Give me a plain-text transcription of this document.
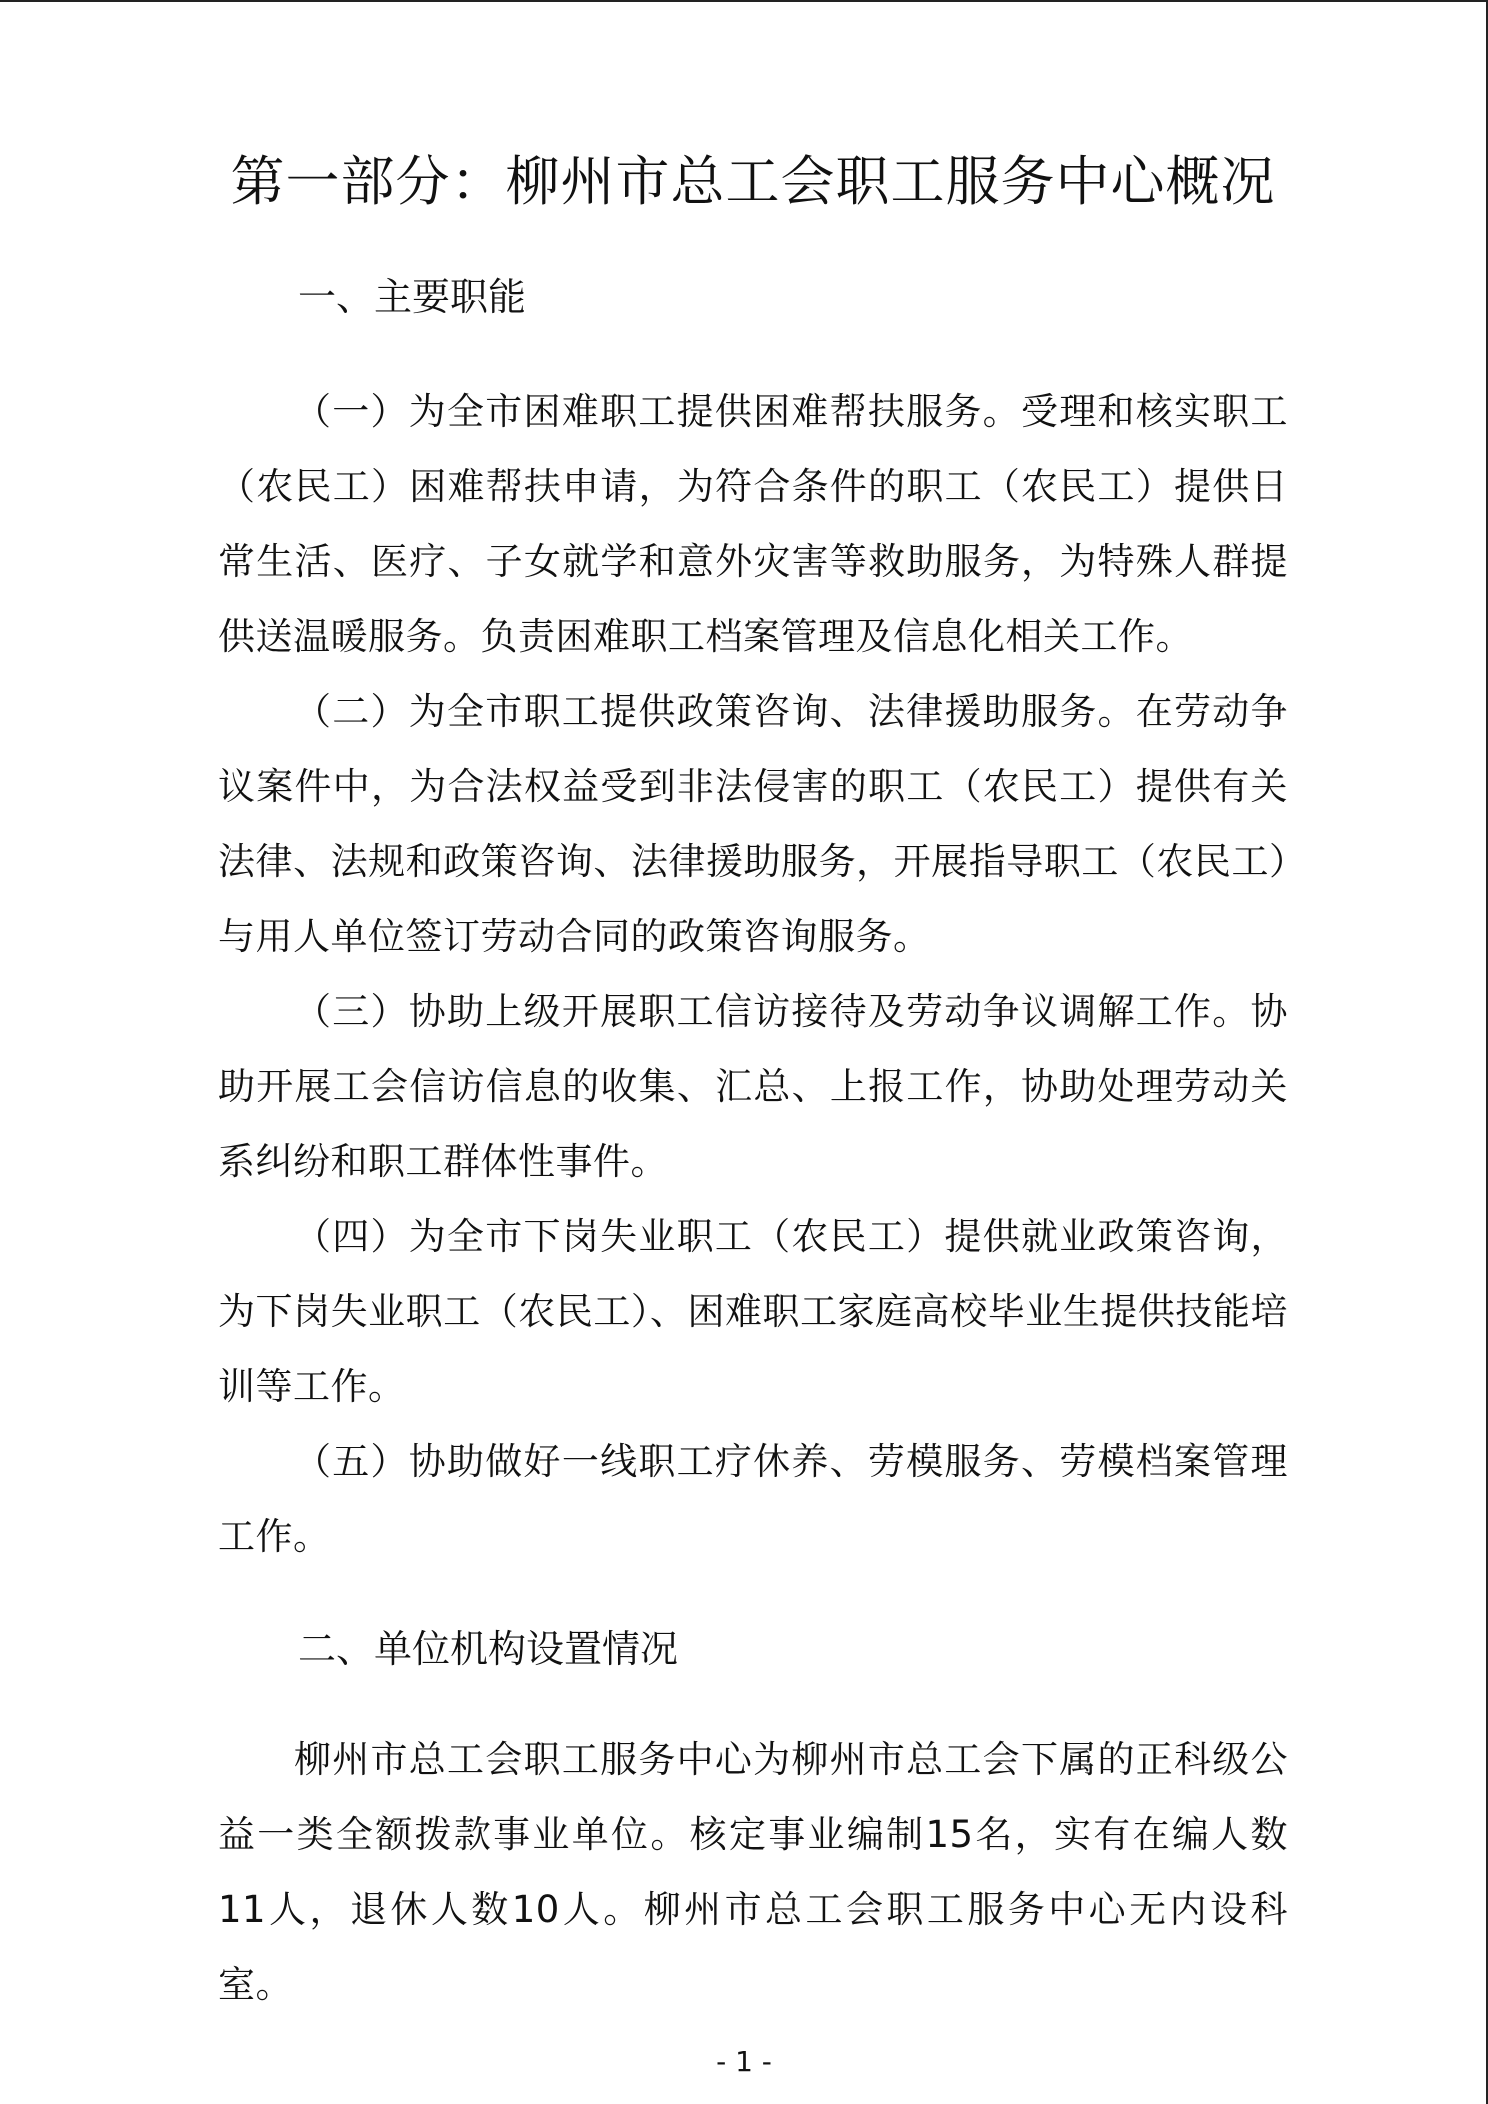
第一部分：柳州市总工会职工服务中心概况
一、主要职能

（一）为全市困难职工提供困难帮扶服务。受理和核实职工（农民工）困难帮扶申请，为符合条件的职工（农民工）提供日常生活、医疗、子女就学和意外灾害等救助服务，为特殊人群提供送温暖服务。负责困难职工档案管理及信息化相关工作。

（二）为全市职工提供政策咨询、法律援助服务。在劳动争议案件中，为合法权益受到非法侵害的职工（农民工）提供有关法律、法规和政策咨询、法律援助服务，开展指导职工（农民工）与用人单位签订劳动合同的政策咨询服务。

（三）协助上级开展职工信访接待及劳动争议调解工作。协助开展工会信访信息的收集、汇总、上报工作，协助处理劳动关系纠纷和职工群体性事件。

（四）为全市下岗失业职工（农民工）提供就业政策咨询，为下岗失业职工（农民工）、困难职工家庭高校毕业生提供技能培训等工作。

（五）协助做好一线职工疗休养、劳模服务、劳模档案管理工作。

二、单位机构设置情况

柳州市总工会职工服务中心为柳州市总工会下属的正科级公益一类全额拨款事业单位。核定事业编制15名，实有在编人数11人，退休人数10人。柳州市总工会职工服务中心无内设科室。

- 1 -
